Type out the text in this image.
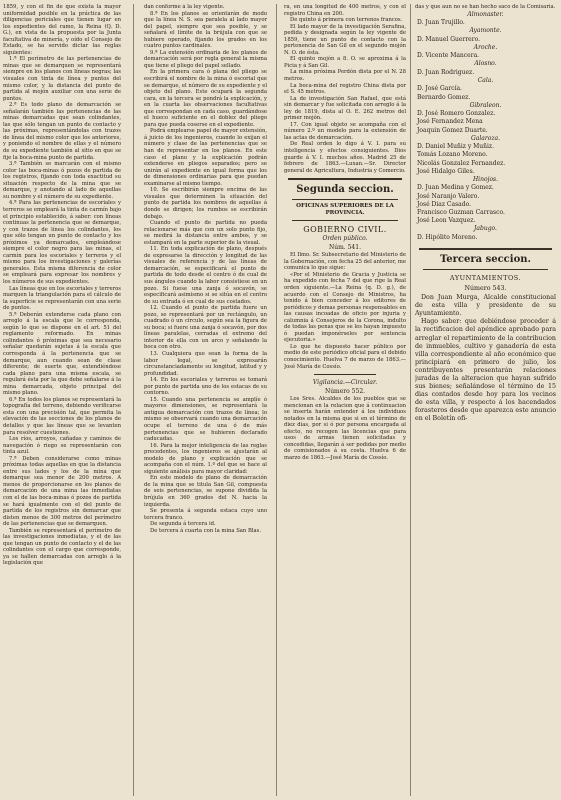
1859, y con el fin de que exista la mayor uniformidad posible en la práctica de las diligencias periciales que tienen lugar en los expedientes del ramo, la Reina (Q. D. G.), en vista de la propuesta por la Junta facultativa de minería, y oído el Consejo de Estado, se ha servido dictar las reglas siguientes:

1.ª El perímetro de las pertenencias de minas que se demarquen se representará siempre en los planos con líneas negras; las visuales con tinta de línea y puntos del mismo color, y la distancia del punto de partida al mojón auxiliar con una serie de puntos.

2.ª Es todo plano de demarcación se señalarán también las pertenencias de las minas demarcadas que sean colindantes, las que sólo tengan un punto de contacto y las próximas, representándolas con trazos de línea del mismo color que los anteriores, y poniendo el nombre de ellas y el número de su expediente también al sitio en que se fije la boca-mina punto de partida.

3.ª También se marcarán con el mismo color las boca-minas ó pozos de partida de los registros, fijando con toda exactitud su situación respecto de la mina que se demarque, y anotando al lado de aquellas su nombre y el número de su expediente.

4.ª Para las pertenencias de escoriales y terreros se empleará la tinta de carmín bajo el principio establecido, á saber: con líneas continuas la pertenencia que se demarque, y con trazos de línea los colindantes, los que sólo tengan un punto de contacto y los próximos ya demarcados, empleándose siempre el color negro para las minas, el carmín para los escoriales y terreros y el mismo para los investigaciones y galerías generales. Esta misma diferencia de color se empleará para expresar los nombres y los números de sus expedientes.

Las líneas que en los escoriales y terreros marquen la triangulación para el cálculo de la superficie se representarán con una serie de puntos.

5.ª Deberán extenderse cada plano con arreglo á la escala que le corresponda, según lo que se dispone en el art. 51 del reglamento reformado. En minas colindantes ó próximas que sea necesario señalar quedarán sujetas á la escala que corresponda á la pertenencia que se demarque, aun cuando sean de clase diferente; de suerte que, extendiéndose cada plano para una misma escala, se regulará ésta por la que debe señalarse á la mina demarcada, objeto principal del mismo plano.

6.ª En todos los planos se representará la topografía del terreno, debiendo verificarse esta con una precisión tal, que permita la elevación de las secciones de los planos de detalles y que las líneas que se levanten para resolver cuestiones.

Los ríos, arroyos, cañadas y caminos de navegación ó riego se representarán con tinta azul.

7.ª Deben considerarse como minas próximas todas aquellas en que la distancia entre sus lados y los de la mina que demarque sea menor de 200 metros. A menos de proporcionarse en los planos de demarcación de una mina las inmediatas con el de las boca-minas ó pozos de partida se hará igualmente con el del punto de partida de los registros sin demarcar que disten menos de 300 metros del perímetro de las pertenencias que se demarquen.

También se representará el perímetro de las investigaciones inmediatas, y el de las que tengan un punto de contacto y el de las colindantes con el cargo que corresponde, ya se hallen demarcadas con arreglo á la legislación que

dan conforme á la ley vigente.

8.ª En los planos se orientarán de modo que la línea N. S. sea paralela al lado mayor del papel, siempre que sea posible, y se señalará el límite de la brújula con que se hubiere operado, fijando los grados en los cuatro puntos cardinales.

9.ª La extensión ordinaria de los planos de demarcación será por regla general la misma que tiene el pliego del papel sellado.

En la primera cara ó plana del pliego se escribirá el nombre de la mina ó escorial que se demarque, el número de su expediente y el objeto del plano. Este ocupará la segunda cara, en la tercera se pondrá la explicación, y en la cuarta las observaciones facultativas que correspondan en cada caso, guardándose el hueco suficiente en el doblez del pliego para que pueda coserse en el expediente.

Podrá emplearse papel de mayor extensión, á juicio de los ingenieros, cuando lo exijan el número y clase de las pertenencias que se han de representar en los planos. En este caso el plano y la explicación podrán extenderse en pliegos separados; pero se unirán al expediente en igual forma que los de dimensiones ordinarias para que puedan examinarse al mismo tiempo.

10. Se escribirán siempre encima de las visuales que determinen la situación del punto de partida los nombres de aquellas á donde se dirigen; los rumbos se escribirán debajo.

Cuando el punto de partida no pueda relacionarse más que con un solo punto fijo, se medirá la distancia entre ambos, y se estampará en la parte superior de la visual.

11. En toda explicación de plano, después de expresarse la dirección y longitud de las visuales de referencia y de las líneas de demarcación, se especificará el punto de partida de todo desde el centro ó de cual de sus ángulos cuando la labor consistiese en un pozo. Si fuese una zanja ó socavón, se especificará asimismo si se sitúa en el centro de su entrada ó en cual de sus costados.

12. Cuando el punto de partida fuere un pozo, se representará por un rectángulo, un cuadrado ó un círculo, según sea la figura de su boca; si fuere una zanja ó socavón, por dos líneas paralelas, cerradas el extremo del interior de ella con un arco y señalando la boca con otro.

13. Cualquiera que sean la forma de la labor legal, se expresarán circunstanciadamente su longitud, latitud y y profundidad.

14. En los escoriales y terreros se tomará por punto de partida uno de los estacas de su contorno.

15. Cuando una pertenencia se amplíe ó mayores dimensiones, se representará la antigua demarcación con trazos de línea; lo mismo se observará cuando una demarcación ocupe el terreno de una ó de más pertenencias que se hubieren declarado caducadas.

16. Para la mejor inteligencia de las reglas precedentes, los ingenieros se ajustarán al modelo de plano y explicación que se acompaña con el núm. 1.º del que se hace al siguiente análisis para mayor claridad:

En este modelo de plano de demarcación de la mina que se titula San Gil, compuesta de seis pertenencias, se supone dividida la brújula en 360 grados del N. hacia la izquierda.

Se presenta á segunda estaca cuyo uno tercera franco.

De segunda á tercera id.

De tercera á cuarta con la mina San Blas.

ra, en una longitud de 400 metros, y con el registro China en 200.

De quinto á primera con terrenos francos.

El lado mayor de la investigación Serafina, pedida y designada según la ley vigente de 1859, tiene un punto de contacto con la pertenencia de San Gil en el segundo mojón N. O. de ésta.

El quinto mojón a 8. O. se aproxima á la Picia y á San Gil.

La mina próxima Perdón dista por el N. 28 metros.

La boca-mina del registro China dista por el S. 45 metros.

La de investigación San Rafael, que está sin demarcar y fue solicitada con arreglo á la ley de 1819, dista al O. E. 262 metros del primer mojón.

17. Con igual objeto se acompaña con el número 2.º un modelo para la extensión de las actas de demarcación.

De Real orden lo digo á V. I. para su inteligencia y efectos consiguientes. Dios guarde á V. I. muchos años. Madrid 25 de febrero de 1863.—Luxan.—Sr. Director general de Agricultura, Industria y Comercio.

Segunda seccion.
OFICINAS SUPERIORES DE LA PROVINCIA.
GOBIERNO CIVIL.
Orden público.
Núm. 541.

El Ilmo. Sr. Subsecretario del Ministerio de la Gobernación, con fecha 25 del anterior, me comunica lo que sigue:

«Por el Ministerio de Gracia y Justicia se ha expedido con fecha 7 del que rige la Real orden siguiente.—La Reina (q. D. g.), de acuerdo con el Consejo de Ministros, ha tenido á bien conceder á los editores de periódicos y demas personas responsables en las causas incoadas de oficio por injuria y calumnia á Consejeros de la Corona, indulto de todas las penas que se les hayan impuesto ó puedan imponérseles por sentencia ejecutoria.»

Lo que he dispuesto hacer público por medio de este periódico oficial para el debido conocimiento. Huelva 7 de marzo de 1863.—José María de Cossío.

Vigilancia.—Circular.
Número 552.

Los Sres. Alcaldes de los pueblos que se mencionan en la relacion que á continuacion se inserta harán entender á los individuos notados en la misma que si en el término de diez dias, por si ó por persona encargada al efecto, no recogen las licencias que para usos de armas tienen solicitadas y concedidas, llegarán á ser podidas por medio de comisionados á su costa. Huelva 6 de marzo de 1863.—José María de Cossío.

das y que aun no se han hecho saco de la Comisaria.

Almonaster.
D. Juan Trujillo.
Ayamonte.
D. Manuel Guerrero.
Aroche.
D. Vicente Mancera.
Alosno.
D. Juan Rodriguez.
Cala.
D. José García.
Bernardo Gomez.
Gibraleon.
D. José Romero Gonzalez.
José Fernandez Mena
Joaquin Gomez Duarte.
Galaroza.
D. Daniel Muñiz y Muñiz.
Tomás Lozano Moreno.
Nicolás Gonzalez Fernandez.
José Hidalgo Giles.
Hinojos.
D. Juan Medina y Gomez.
José Naranjo Valero.
José Diaz Casado.
Francisco Guzman Carrasco.
José Leon Vazquez.
Jabugo.
D. Hipólito Moreno.
Tercera seccion.
AYUNTAMIENTOS.
Número 543.

Don Juan Murga, Alcalde constitucional de esta villa y presidente de su Ayuntamiento.

Hago saber: que debiéndose proceder á la rectificacion del apéndice aprobado para arreglar el repartimiento de la contribucion de inmuebles, cultivo y ganadería de esta villa correspondiente al año económico que principiará en primero de julio, los contribuyentes presentarán relaciones juradas de la alteracion que hayan sufrido sus bienes; señalándose el término de 15 dias contados desde hoy para los vecinos de esta villa, y respecto á los hacendados forasteros desde que aparezca este anuncio en el Boletín ofi-
